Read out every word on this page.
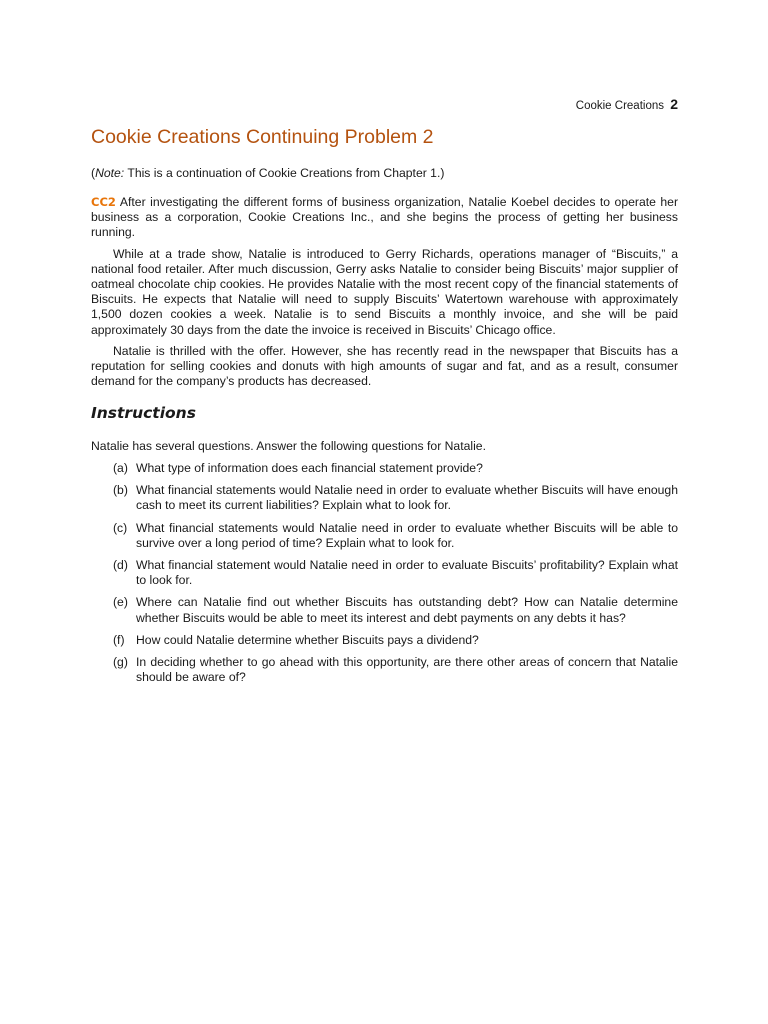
Cookie Creations 2
Cookie Creations Continuing Problem 2
(Note: This is a continuation of Cookie Creations from Chapter 1.)

CC2 After investigating the different forms of business organization, Natalie Koebel decides to operate her business as a corporation, Cookie Creations Inc., and she begins the process of getting her business running.

While at a trade show, Natalie is introduced to Gerry Richards, operations manager of “Biscuits,” a national food retailer. After much discussion, Gerry asks Natalie to consider being Biscuits’ major supplier of oatmeal chocolate chip cookies. He provides Natalie with the most recent copy of the financial statements of Biscuits. He expects that Natalie will need to supply Biscuits’ Watertown warehouse with approximately 1,500 dozen cookies a week. Natalie is to send Biscuits a monthly invoice, and she will be paid approximately 30 days from the date the invoice is received in Biscuits’ Chicago office.

Natalie is thrilled with the offer. However, she has recently read in the newspaper that Biscuits has a reputation for selling cookies and donuts with high amounts of sugar and fat, and as a result, consumer demand for the company’s products has decreased.

Instructions
Natalie has several questions. Answer the following questions for Natalie.
(a) What type of information does each financial statement provide?
(b) What financial statements would Natalie need in order to evaluate whether Biscuits will have enough cash to meet its current liabilities? Explain what to look for.
(c) What financial statements would Natalie need in order to evaluate whether Biscuits will be able to survive over a long period of time? Explain what to look for.
(d) What financial statement would Natalie need in order to evaluate Biscuits’ profitability? Explain what to look for.
(e) Where can Natalie find out whether Biscuits has outstanding debt? How can Natalie determine whether Biscuits would be able to meet its interest and debt payments on any debts it has?
(f) How could Natalie determine whether Biscuits pays a dividend?
(g) In deciding whether to go ahead with this opportunity, are there other areas of concern that Natalie should be aware of?
